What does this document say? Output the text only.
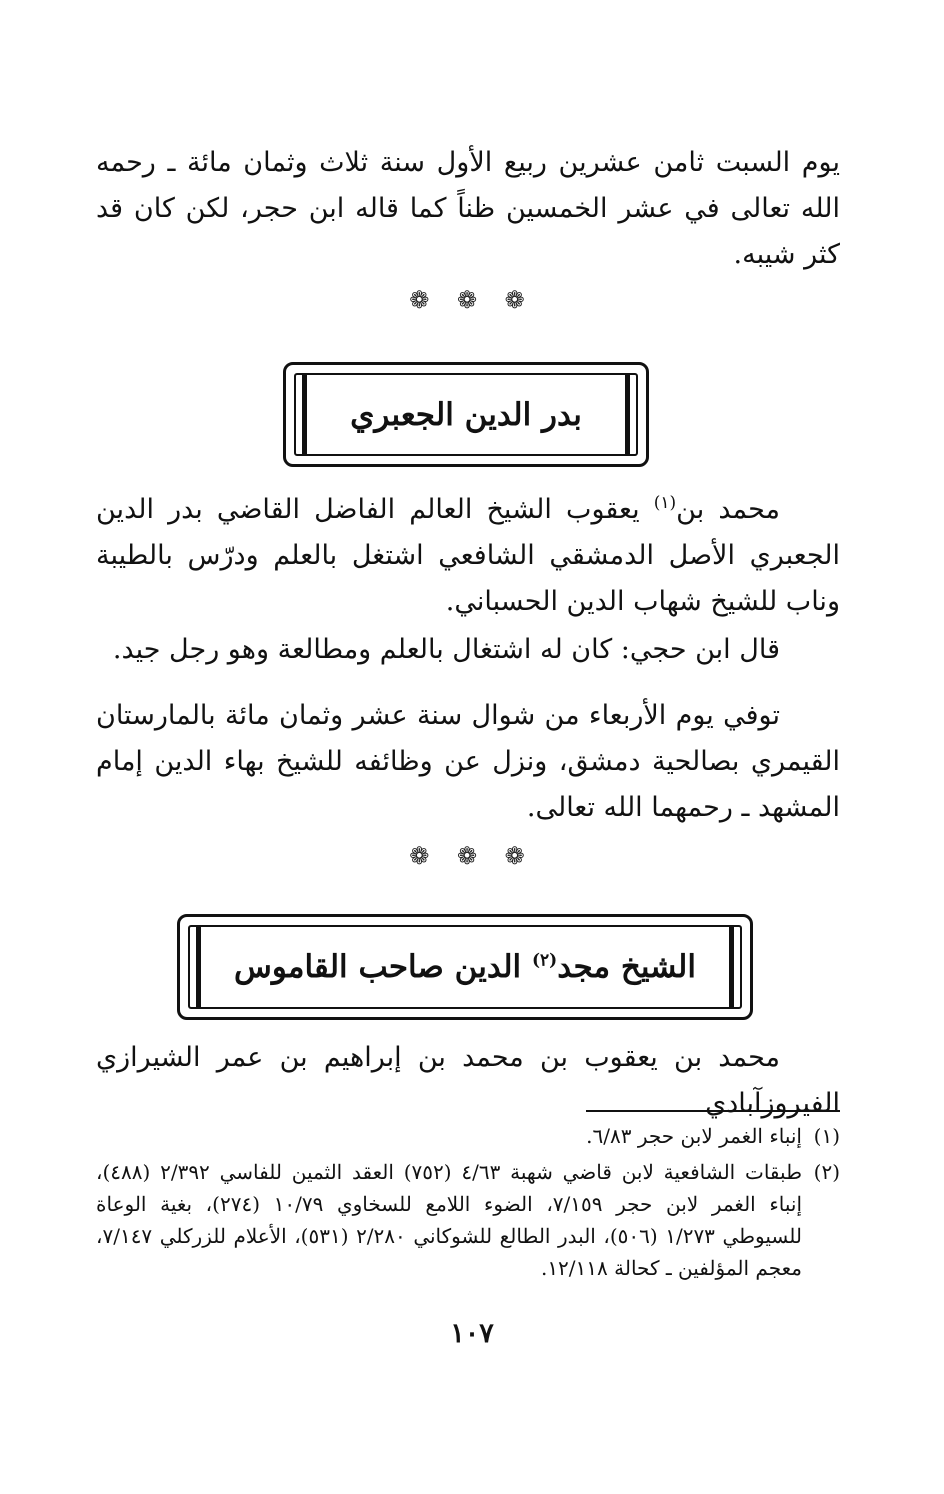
يوم السبت ثامن عشرين ربيع الأول سنة ثلاث وثمان مائة ـ رحمه الله تعالى في عشر الخمسين ظناً كما قاله ابن حجر، لكن كان قد كثر شيبه.

❁ ❁ ❁
بدر الدين الجعبري

محمد بن$^{(١)}$ يعقوب الشيخ العالم الفاضل القاضي بدر الدين الجعبري الأصل الدمشقي الشافعي اشتغل بالعلم ودرّس بالطيبة وناب للشيخ شهاب الدين الحسباني.

قال ابن حجي: كان له اشتغال بالعلم ومطالعة وهو رجل جيد.

توفي يوم الأربعاء من شوال سنة عشر وثمان مائة بالمارستان القيمري بصالحية دمشق، ونزل عن وظائفه للشيخ بهاء الدين إمام المشهد ـ رحمهما الله تعالى.

❁ ❁ ❁
الشيخ مجد$^{(٢)}$ الدين صاحب القاموس

محمد بن يعقوب بن محمد بن إبراهيم بن عمر الشيرازي الفيروزآبادي

(١)إنباء الغمر لابن حجر ٦/٨٣.
(٢)
طبقات الشافعية لابن قاضي شهبة ٤/٦٣ (٧٥٢) العقد الثمين للفاسي ٢/٣٩٢ (٤٨٨)، إنباء الغمر لابن حجر ٧/١٥٩، الضوء اللامع للسخاوي ١٠/٧٩ (٢٧٤)، بغية الوعاة للسيوطي ١/٢٧٣ (٥٠٦)، البدر الطالع للشوكاني ٢/٢٨٠ (٥٣١)، الأعلام للزركلي ٧/١٤٧، معجم المؤلفين ـ كحالة ١٢/١١٨.
١٠٧
